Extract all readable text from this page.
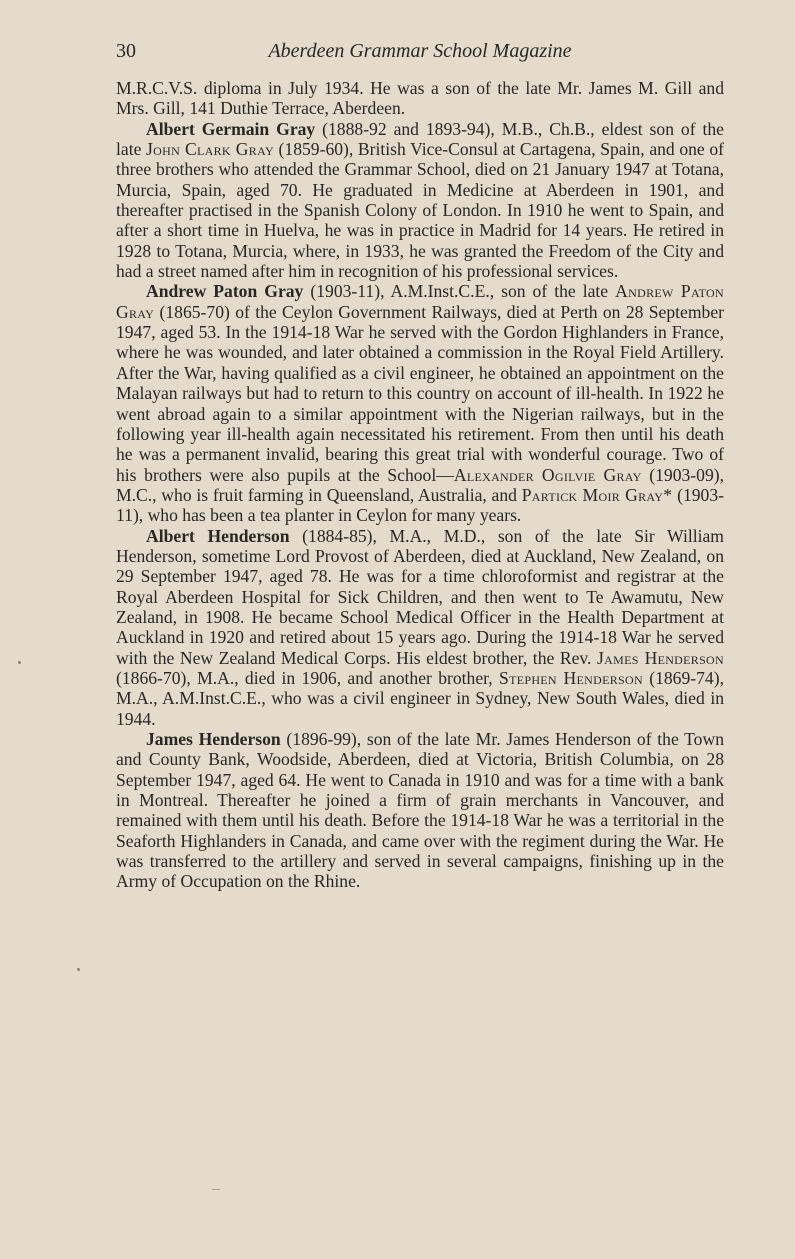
30	Aberdeen Grammar School Magazine

M.R.C.V.S. diploma in July 1934. He was a son of the late Mr. James M. Gill and Mrs. Gill, 141 Duthie Terrace, Aberdeen.

Albert Germain Gray (1888-92 and 1893-94), M.B., Ch.B., eldest son of the late John Clark Gray (1859-60), British Vice-Consul at Cartagena, Spain, and one of three brothers who attended the Grammar School, died on 21 January 1947 at Totana, Murcia, Spain, aged 70. He graduated in Medicine at Aberdeen in 1901, and thereafter practised in the Spanish Colony of London. In 1910 he went to Spain, and after a short time in Huelva, he was in practice in Madrid for 14 years. He retired in 1928 to Totana, Murcia, where, in 1933, he was granted the Freedom of the City and had a street named after him in recognition of his professional services.

Andrew Paton Gray (1903-11), A.M.Inst.C.E., son of the late Andrew Paton Gray (1865-70) of the Ceylon Government Railways, died at Perth on 28 September 1947, aged 53. In the 1914-18 War he served with the Gordon Highlanders in France, where he was wounded, and later obtained a commission in the Royal Field Artillery. After the War, having qualified as a civil engineer, he obtained an appointment on the Malayan railways but had to return to this country on account of ill-health. In 1922 he went abroad again to a similar appointment with the Nigerian railways, but in the following year ill-health again necessitated his retirement. From then until his death he was a permanent invalid, bearing this great trial with wonderful courage. Two of his brothers were also pupils at the School—Alexander Ogilvie Gray (1903-09), M.C., who is fruit farming in Queensland, Australia, and Partick Moir Gray* (1903-11), who has been a tea planter in Ceylon for many years.

Albert Henderson (1884-85), M.A., M.D., son of the late Sir William Henderson, sometime Lord Provost of Aberdeen, died at Auckland, New Zealand, on 29 September 1947, aged 78. He was for a time chloroformist and registrar at the Royal Aberdeen Hospital for Sick Children, and then went to Te Awamutu, New Zealand, in 1908. He became School Medical Officer in the Health Department at Auckland in 1920 and retired about 15 years ago. During the 1914-18 War he served with the New Zealand Medical Corps. His eldest brother, the Rev. James Henderson (1866-70), M.A., died in 1906, and another brother, Stephen Henderson (1869-74), M.A., A.M.Inst.C.E., who was a civil engineer in Sydney, New South Wales, died in 1944.

James Henderson (1896-99), son of the late Mr. James Henderson of the Town and County Bank, Woodside, Aberdeen, died at Victoria, British Columbia, on 28 September 1947, aged 64. He went to Canada in 1910 and was for a time with a bank in Montreal. Thereafter he joined a firm of grain merchants in Vancouver, and remained with them until his death. Before the 1914-18 War he was a territorial in the Seaforth Highlanders in Canada, and came over with the regiment during the War. He was transferred to the artillery and served in several campaigns, finishing up in the Army of Occupation on the Rhine.
